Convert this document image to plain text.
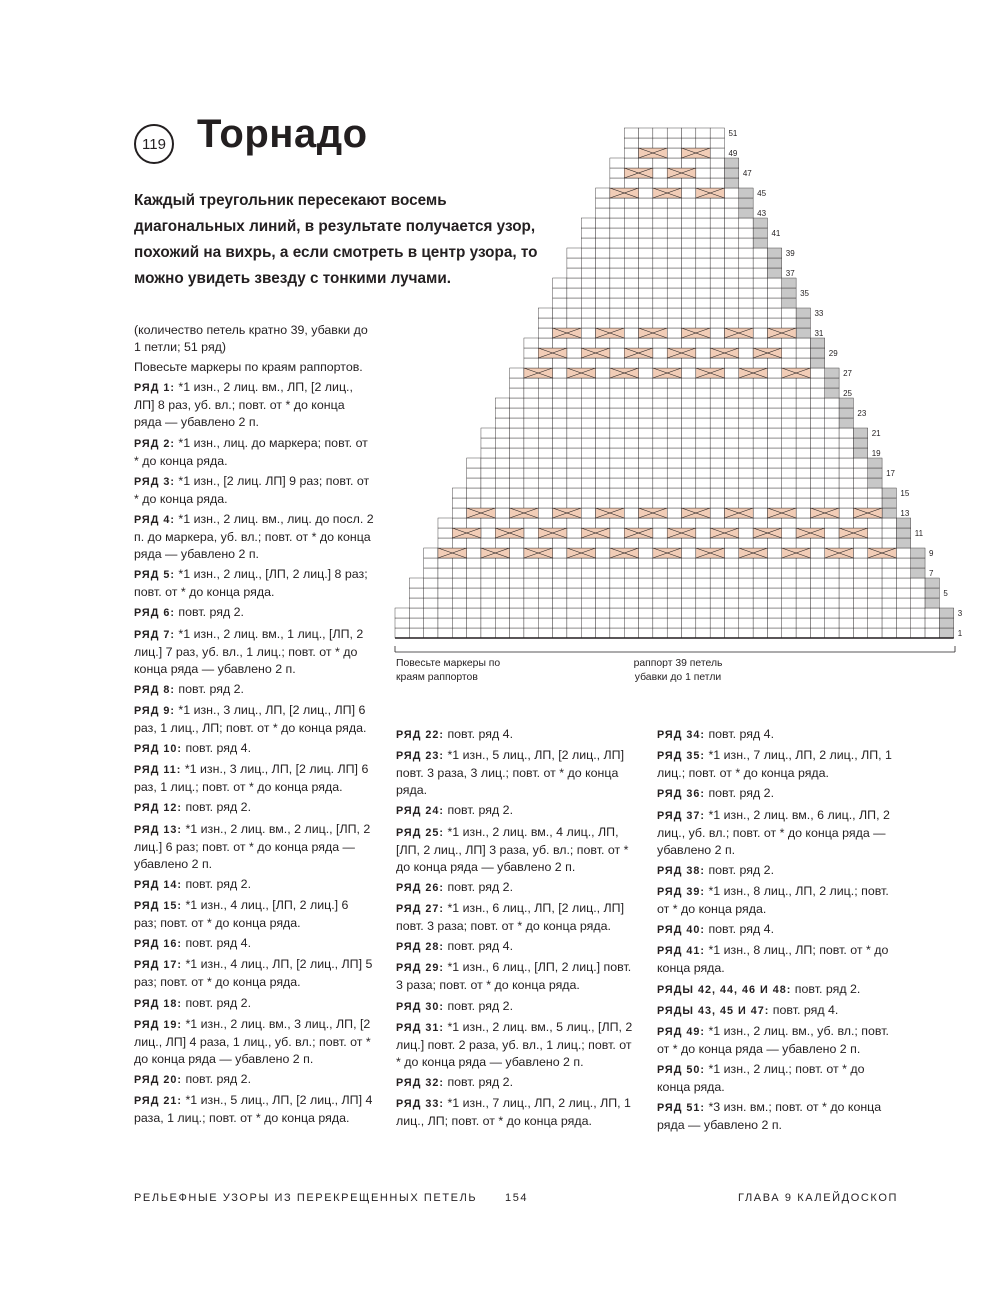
119 Торнадо
Каждый треугольник пересекают восемь диагональных линий, в результате получается узор, похожий на вихрь, а если смотреть в центр узора, то можно увидеть звезду с тонкими лучами.
51
49
47
45
43
41
39
37
35
33
31
29
27
25
23
21
19
17
15
13
11
9
7
5
3
1
Повесьте маркеры по краям раппортов
раппорт 39 петель убавки до 1 петли

(количество петель кратно 39, убавки до 1 петли; 51 ряд)

Повесьте маркеры по краям раппортов.

РЯД 1: *1 изн., 2 лиц. вм., ЛП, [2 лиц., ЛП] 8 раз, уб. вл.; повт. от * до конца ряда — убавлено 2 п.

РЯД 2: *1 изн., лиц. до маркера; повт. от * до конца ряда.

РЯД 3: *1 изн., [2 лиц. ЛП] 9 раз; повт. от * до конца ряда.

РЯД 4: *1 изн., 2 лиц. вм., лиц. до посл. 2 п. до маркера, уб. вл.; повт. от * до конца ряда — убавлено 2 п.

РЯД 5: *1 изн., 2 лиц., [ЛП, 2 лиц.] 8 раз; повт. от * до конца ряда.

РЯД 6: повт. ряд 2.

РЯД 7: *1 изн., 2 лиц. вм., 1 лиц., [ЛП, 2 лиц.] 7 раз, уб. вл., 1 лиц.; повт. от * до конца ряда — убавлено 2 п.

РЯД 8: повт. ряд 2.

РЯД 9: *1 изн., 3 лиц., ЛП, [2 лиц., ЛП] 6 раз, 1 лиц., ЛП; повт. от * до конца ряда.

РЯД 10: повт. ряд 4.

РЯД 11: *1 изн., 3 лиц., ЛП, [2 лиц. ЛП] 6 раз, 1 лиц.; повт. от * до конца ряда.

РЯД 12: повт. ряд 2.

РЯД 13: *1 изн., 2 лиц. вм., 2 лиц., [ЛП, 2 лиц.] 6 раз; повт. от * до конца ряда — убавлено 2 п.

РЯД 14: повт. ряд 2.

РЯД 15: *1 изн., 4 лиц., [ЛП, 2 лиц.] 6 раз; повт. от * до конца ряда.

РЯД 16: повт. ряд 4.

РЯД 17: *1 изн., 4 лиц., ЛП, [2 лиц., ЛП] 5 раз; повт. от * до конца ряда.

РЯД 18: повт. ряд 2.

РЯД 19: *1 изн., 2 лиц. вм., 3 лиц., ЛП, [2 лиц., ЛП] 4 раза, 1 лиц., уб. вл.; повт. от * до конца ряда — убавлено 2 п.

РЯД 20: повт. ряд 2.

РЯД 21: *1 изн., 5 лиц., ЛП, [2 лиц., ЛП] 4 раза, 1 лиц.; повт. от * до конца ряда.

РЯД 22: повт. ряд 4.

РЯД 23: *1 изн., 5 лиц., ЛП, [2 лиц., ЛП] повт. 3 раза, 3 лиц.; повт. от * до конца ряда.

РЯД 24: повт. ряд 2.

РЯД 25: *1 изн., 2 лиц. вм., 4 лиц., ЛП, [ЛП, 2 лиц., ЛП] 3 раза, уб. вл.; повт. от * до конца ряда — убавлено 2 п.

РЯД 26: повт. ряд 2.

РЯД 27: *1 изн., 6 лиц., ЛП, [2 лиц., ЛП] повт. 3 раза; повт. от * до конца ряда.

РЯД 28: повт. ряд 4.

РЯД 29: *1 изн., 6 лиц., [ЛП, 2 лиц.] повт. 3 раза; повт. от * до конца ряда.

РЯД 30: повт. ряд 2.

РЯД 31: *1 изн., 2 лиц. вм., 5 лиц., [ЛП, 2 лиц.] повт. 2 раза, уб. вл., 1 лиц.; повт. от * до конца ряда — убавлено 2 п.

РЯД 32: повт. ряд 2.

РЯД 33: *1 изн., 7 лиц., ЛП, 2 лиц., ЛП, 1 лиц., ЛП; повт. от * до конца ряда.

РЯД 34: повт. ряд 4.

РЯД 35: *1 изн., 7 лиц., ЛП, 2 лиц., ЛП, 1 лиц.; повт. от * до конца ряда.

РЯД 36: повт. ряд 2.

РЯД 37: *1 изн., 2 лиц. вм., 6 лиц., ЛП, 2 лиц., уб. вл.; повт. от * до конца ряда — убавлено 2 п.

РЯД 38: повт. ряд 2.

РЯД 39: *1 изн., 8 лиц., ЛП, 2 лиц.; повт. от * до конца ряда.

РЯД 40: повт. ряд 4.

РЯД 41: *1 изн., 8 лиц., ЛП; повт. от * до конца ряда.

РЯДЫ 42, 44, 46 И 48: повт. ряд 2.

РЯДЫ 43, 45 И 47: повт. ряд 4.

РЯД 49: *1 изн., 2 лиц. вм., уб. вл.; повт. от * до конца ряда — убавлено 2 п.

РЯД 50: *1 изн., 2 лиц.; повт. от * до конца ряда.

РЯД 51: *3 изн. вм.; повт. от * до конца ряда — убавлено 2 п.

РЕЛЬЕФНЫЕ УЗОРЫ ИЗ ПЕРЕКРЕЩЕННЫХ ПЕТЕЛЬ	154	ГЛАВА 9 КАЛЕЙДОСКОП
